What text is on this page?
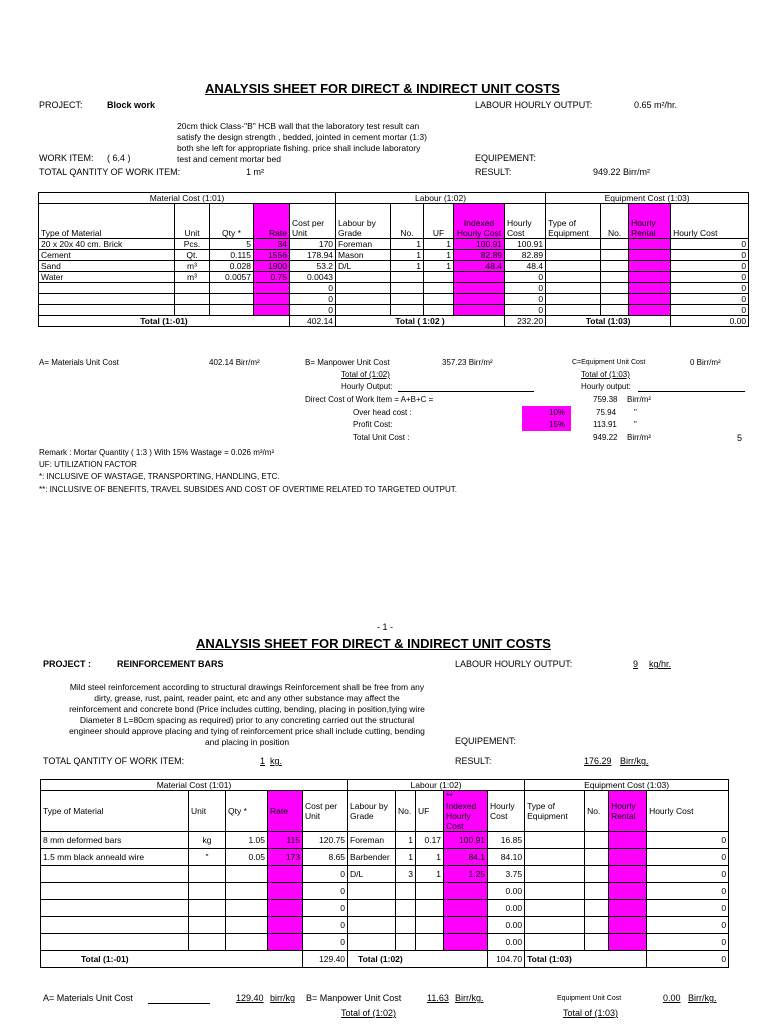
ANALYSIS SHEET FOR DIRECT & INDIRECT UNIT COSTS
PROJECT:	Block work	LABOUR HOURLY OUTPUT:	0.65 m²/hr.
20cm thick Class-"B" HCB wall that the laboratory test result can
satisfy the design strength , bedded, jointed in cement mortar (1:3)
both she left for appropriate fishing. price shall include laboratory
test and cement mortar bed
WORK ITEM: ( 6.4 )	EQUIPEMENT:
TOTAL QANTITY OF WORK ITEM:	1 m²	RESULT:	949.22 Birr/m²
Material Cost (1:01)					Labour (1:02)					Equipment Cost (1:03)			
Type of Material	Unit	Qty *	Rate	Cost per Unit	Labour by Grade	No.	UF	Indexed Hourly Cost	Hourly Cost	Type of Equipment	No.	Hourly Rental	Hourly Cost
20 x 20x 40 cm. Brick	Pcs.	5	34	170	Foreman	1	1	100.91	100.91				0
Cement	Qt.	0.115	1556	178.94	Mason	1	1	82.89	82.89				0
Sand	m³	0.028	1900	53.2	D/L	1	1	48.4	48.4				0
Water	m³	0.0057	0.75	0.0043					0				0
				0					0				0
				0					0				0
				0					0				0
Total (1:-01)				402.14	Total ( 1:02 )				232.20	Total (1:03)			0.00
A= Materials Unit Cost	402.14 Birr/m²	B= Manpower Unit Cost	357.23 Birr/m²	C=Equipment Unit Cost	0 Birr/m²
Total of (1:02)	Total of (1:03)
Hourly Output:	Hourly output:
Direct Cost of Work Item = A+B+C =	759.38 Birr/m²
Over head cost :	10%	75.94 "
Profit Cost:	15%	113.91 "
Total Unit Cost :	949.22 Birr/m²	5
Remark : Mortar Quantity ( 1:3 ) With 15% Wastage = 0.026 m³/m²
UF: UTILIZATION FACTOR
*: INCLUSIVE OF WASTAGE, TRANSPORTING, HANDLING, ETC.
**: INCLUSIVE OF BENEFITS, TRAVEL SUBSIDES AND COST OF OVERTIME RELATED TO TARGETED OUTPUT.
- 1 -
ANALYSIS SHEET FOR DIRECT & INDIRECT UNIT COSTS
PROJECT :	REINFORCEMENT BARS	LABOUR HOURLY OUTPUT:	9 kg/hr.
Mild steel reinforcement according to structural drawings Reinforcement shall be free from any
dirty, grease, rust, paint, reader paint, etc and any other substance may affect the
reinforcement and concrete bond (Price includes cutting, bending, placing in position,tying wire
Diameter 8 L=80cm spacing as required) prior to any concreting carried out the structural
engineer should approve placing and tying of reinforcement price shall include cutting, bending
and placing in position	EQUIPEMENT:
TOTAL QANTITY OF WORK ITEM:	1 kg.	RESULT:	176.29 Birr/kg.
Material Cost (1:01)					Labour (1:02)					Equipment Cost (1:03)			
Type of Material	Unit	Qty *	Rate	Cost per Unit	Labour by Grade	No.	UF	** Indexed Hourly Cost	Hourly Cost	Type of Equipment	No.	Hourly Rental	Hourly Cost
8 mm deformed bars	kg	1.05	115	120.75	Foreman	1	0.17	100.91	16.85				0
1.5 mm black anneald wire	"	0.05	173	8.65	Barbender	1	1	84.1	84.10				0
				0	D/L	3	1	1.25	3.75				0
				0					0.00				0
				0					0.00				0
				0					0.00				0
				0					0.00				0
Total (1:-01)				129.40	Total (1:02)				104.70	Total (1:03)			0
A= Materials Unit Cost	129.40 birr/kg B= Manpower Unit Cost	11.63 Birr/kg.	Equipment Unit Cost	0.00 Birr/kg.
Total of (1:02)	Total of (1:03)
